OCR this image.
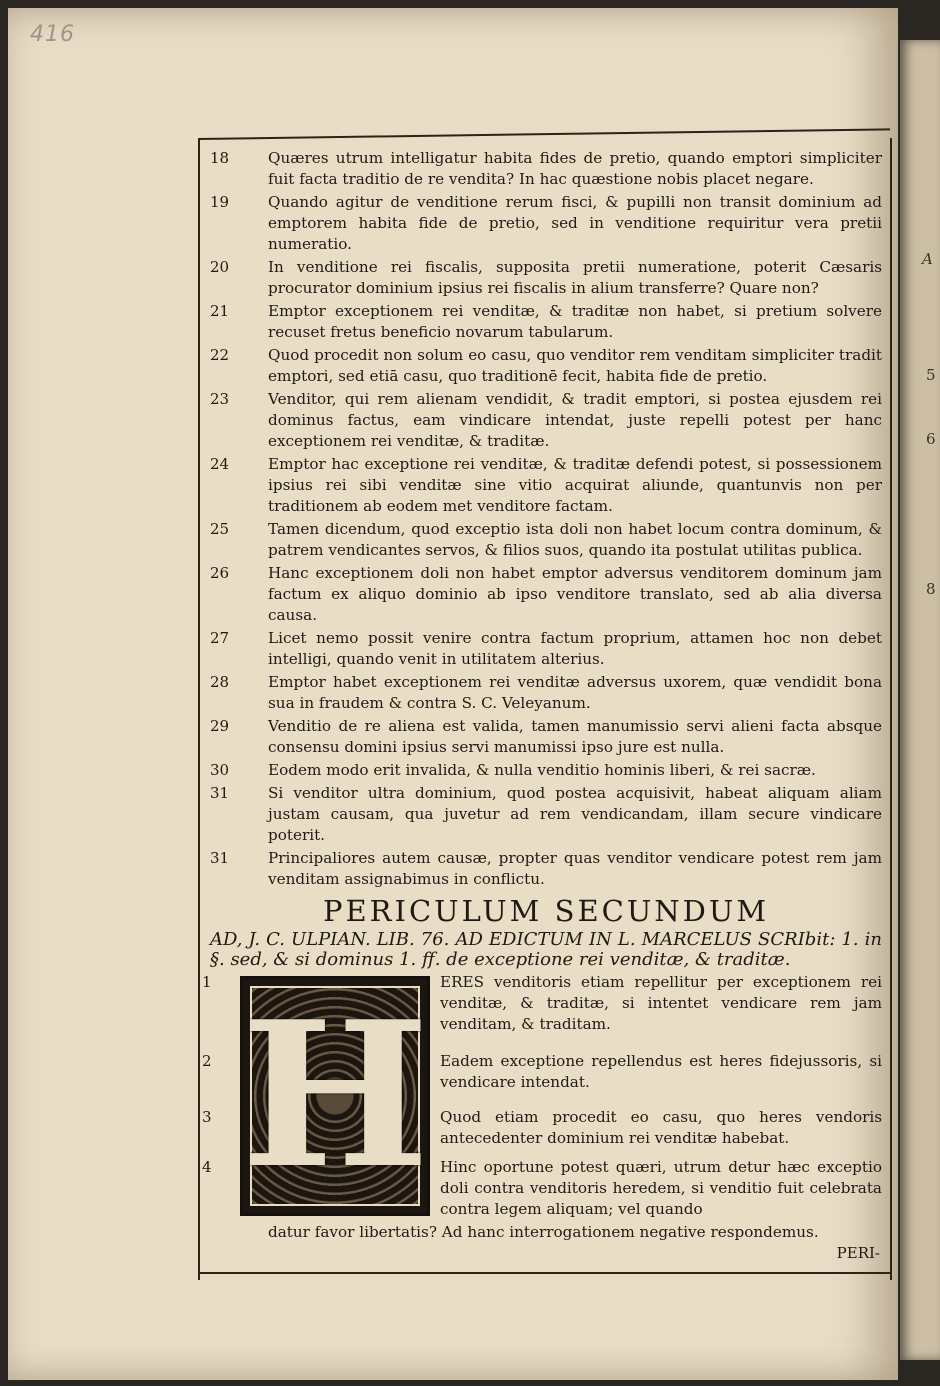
A
5
6
8
416
18	Quæres utrum intelligatur habita fides de pretio, quando emptori simpliciter fuit facta traditio de re vendita? In hac quæstione nobis placet negare.
19	Quando agitur de venditione rerum fisci, & pupilli non transit dominium ad emptorem habita fide de pretio, sed in venditione requiritur vera pretii numeratio.
20	In venditione rei fiscalis, supposita pretii numeratione, poterit Cæsaris procurator dominium ipsius rei fiscalis in alium transferre? Quare non?
21	Emptor exceptionem rei venditæ, & traditæ non habet, si pretium solvere recuset fretus beneficio novarum tabularum.
22	Quod procedit non solum eo casu, quo venditor rem venditam simpliciter tradit emptori, sed etiā casu, quo traditionē fecit, habita fide de pretio.
23	Venditor, qui rem alienam vendidit, & tradit emptori, si postea ejusdem rei dominus factus, eam vindicare intendat, juste repelli potest per hanc exceptionem rei venditæ, & traditæ.
24	Emptor hac exceptione rei venditæ, & traditæ defendi potest, si possessionem ipsius rei sibi venditæ sine vitio acquirat aliunde, quantunvis non per traditionem ab eodem met venditore factam.
25	Tamen dicendum, quod exceptio ista doli non habet locum contra dominum, & patrem vendicantes servos, & filios suos, quando ita postulat utilitas publica.
26	Hanc exceptionem doli non habet emptor adversus venditorem dominum jam factum ex aliquo dominio ab ipso venditore translato, sed ab alia diversa causa.
27	Licet nemo possit venire contra factum proprium, attamen hoc non debet intelligi, quando venit in utilitatem alterius.
28	Emptor habet exceptionem rei venditæ adversus uxorem, quæ vendidit bona sua in fraudem & contra S. C. Veleyanum.
29	Venditio de re aliena est valida, tamen manumissio servi alieni facta absque consensu domini ipsius servi manumissi ipso jure est nulla.
30	Eodem modo erit invalida, & nulla venditio hominis liberi, & rei sacræ.
31	Si venditor ultra dominium, quod postea acquisivit, habeat aliquam aliam justam causam, qua juvetur ad rem vendicandam, illam secure vindicare poterit.
31	Principaliores autem causæ, propter quas venditor vendicare potest rem jam venditam assignabimus in conflictu.
PERICULUM SECUNDUM
AD, J. C. ULPIAN. LIB. 76. AD EDICTUM IN L. MARCELUS SCRIbit: 1. in §. sed, & si dominus 1. ff. de exceptione rei venditæ, & traditæ.
H
1	ERES venditoris etiam repellitur per exceptionem rei venditæ, & traditæ, si intentet vendicare rem jam venditam, & traditam.
2	Eadem exceptione repellendus est heres fidejussoris, si vendicare intendat.
3	Quod etiam procedit eo casu, quo heres vendoris antecedenter dominium rei venditæ habebat.
4	Hinc oportune potest quæri, utrum detur hæc exceptio doli contra venditoris heredem, si venditio fuit celebrata contra legem aliquam; vel quando
datur favor libertatis? Ad hanc interrogationem negative respondemus.
PERI-
